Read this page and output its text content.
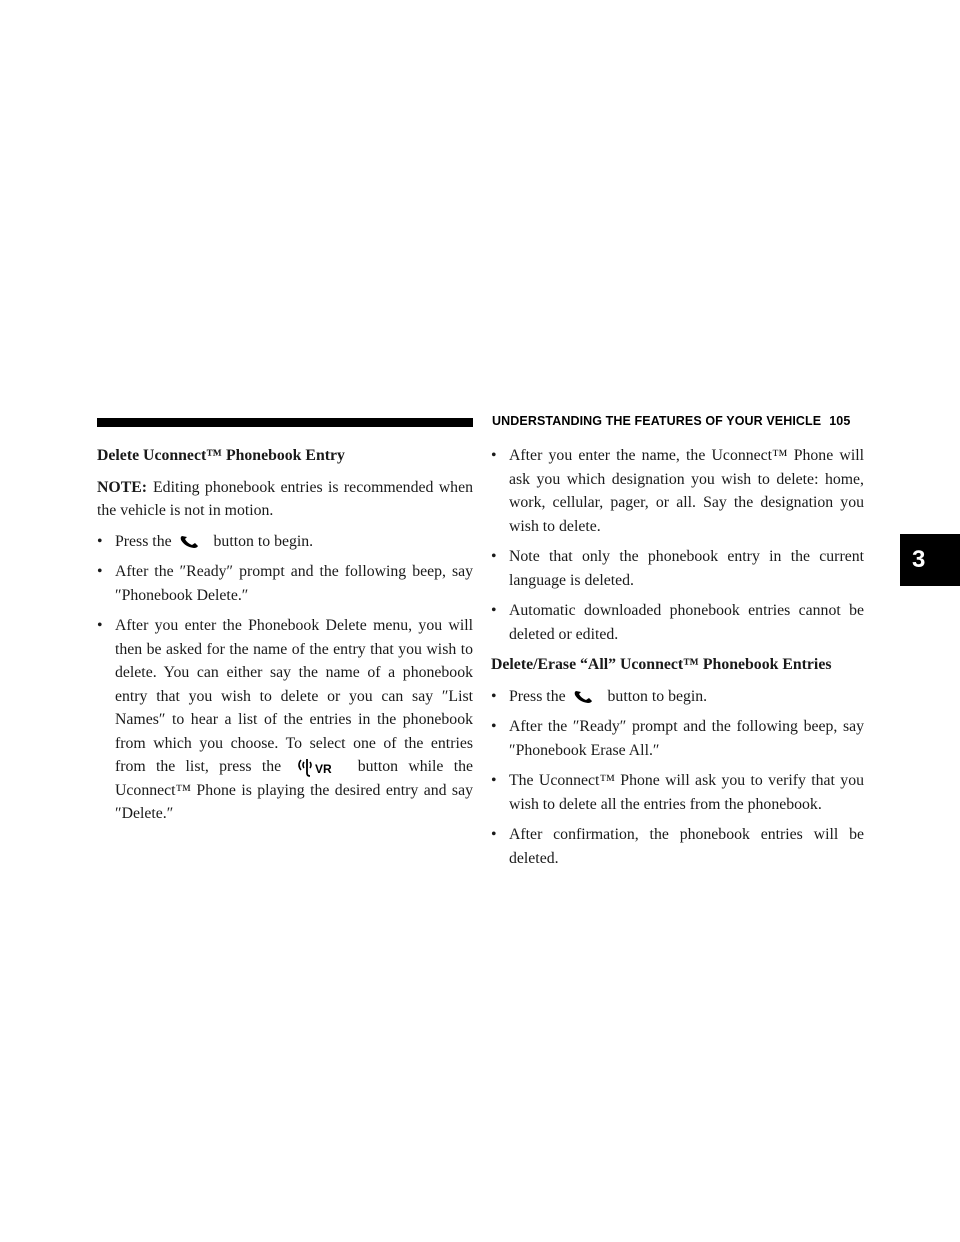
UNDERSTANDING THE FEATURES OF YOUR VEHICLE 105
3

Delete Uconnect™ Phonebook Entry

NOTE: Editing phonebook entries is recommended when the vehicle is not in motion.

• Press the	button to begin.
• After the ″Ready″ prompt and the following beep, say ″Phonebook Delete.″
• After you enter the Phonebook Delete menu, you will then be asked for the name of the entry that you wish to delete. You can either say the name of a phonebook entry that you wish to delete or you can say ″List Names″ to hear a list of the entries in the phonebook from which you choose. To select one of the entries from the list, press the	VR button while the Uconnect™ Phone is playing the desired entry and say ″Delete.″
• After you enter the name, the Uconnect™ Phone will ask you which designation you wish to delete: home, work, cellular, pager, or all. Say the designation you wish to delete.
• Note that only the phonebook entry in the current language is deleted.
• Automatic downloaded phonebook entries cannot be deleted or edited.

Delete/Erase “All” Uconnect™ Phonebook Entries

• Press the	button to begin.
• After the ″Ready″ prompt and the following beep, say ″Phonebook Erase All.″
• The Uconnect™ Phone will ask you to verify that you wish to delete all the entries from the phonebook.
• After confirmation, the phonebook entries will be deleted.
